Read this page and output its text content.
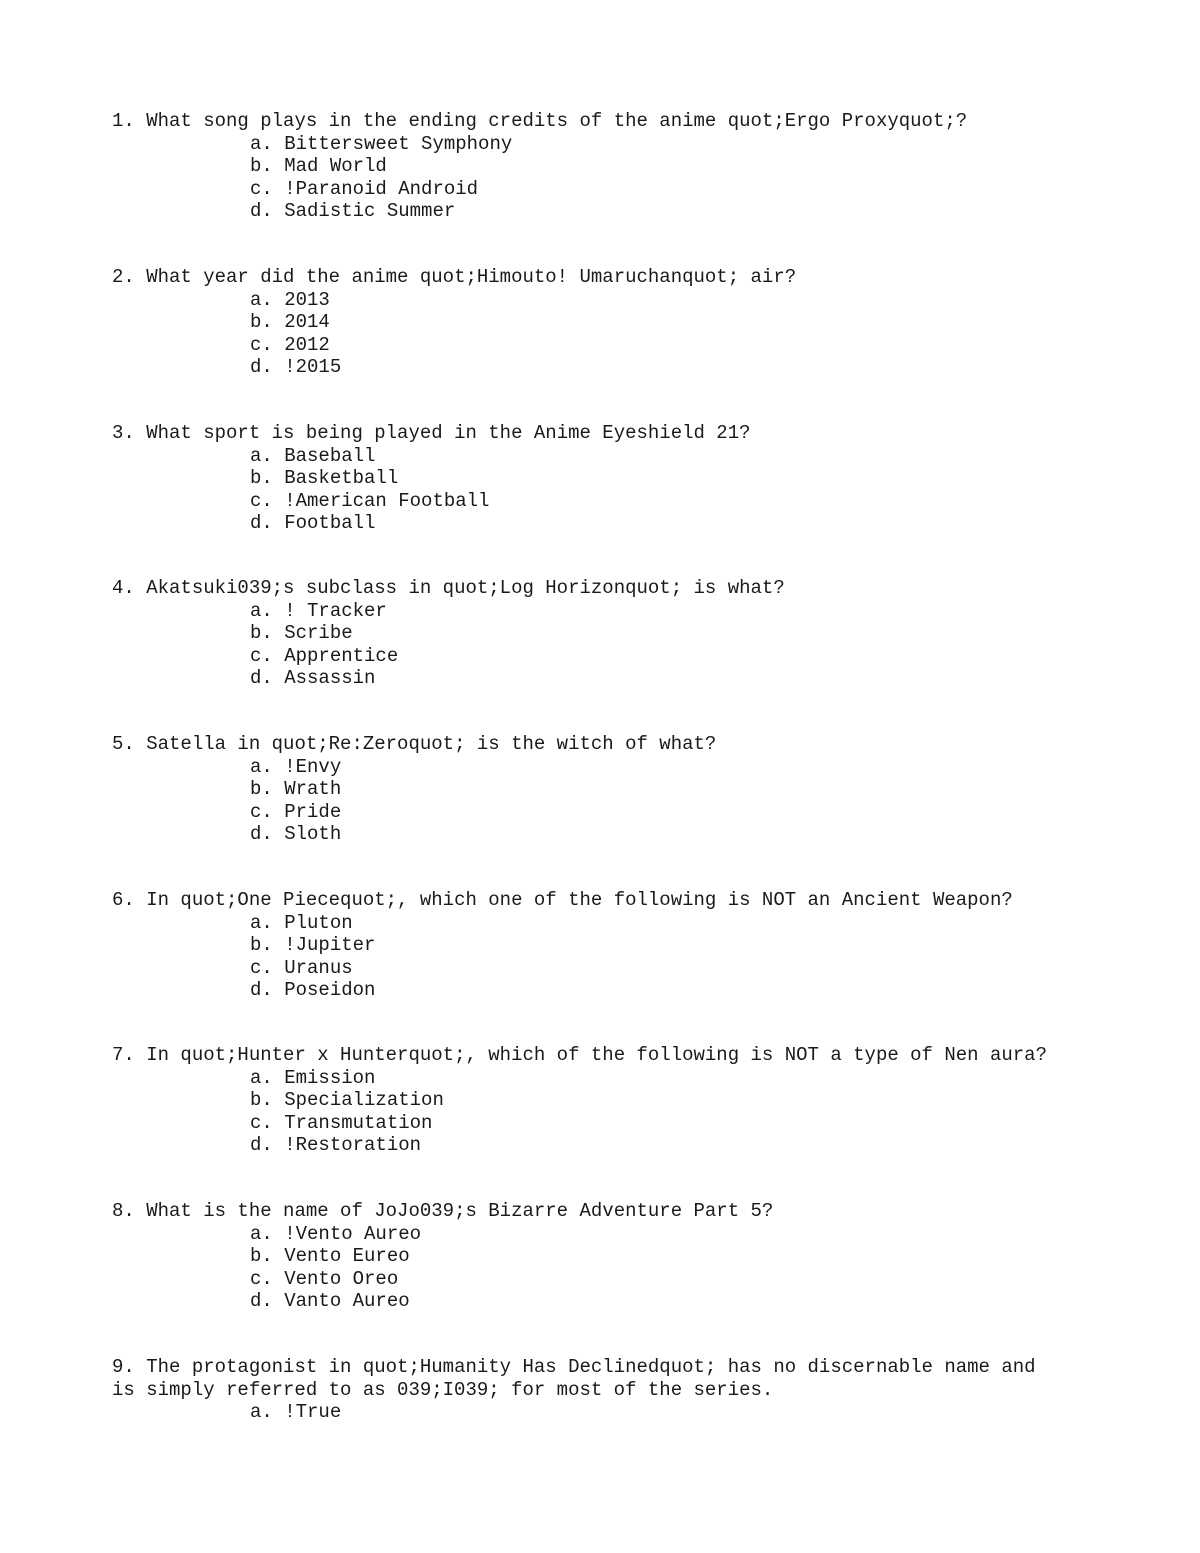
1. What song plays in the ending credits of the anime quot;Ergo Proxyquot;?
a. Bittersweet Symphony
b. Mad World
c. !Paranoid Android
d. Sadistic Summer
2. What year did the anime quot;Himouto! Umaruchanquot; air?
a. 2013
b. 2014
c. 2012
d. !2015
3. What sport is being played in the Anime Eyeshield 21?
a. Baseball
b. Basketball
c. !American Football
d. Football
4. Akatsuki039;s subclass in quot;Log Horizonquot; is what?
a. ! Tracker
b. Scribe
c. Apprentice
d. Assassin
5. Satella in quot;Re:Zeroquot; is the witch of what?
a. !Envy
b. Wrath
c. Pride
d. Sloth
6. In quot;One Piecequot;, which one of the following is NOT an Ancient Weapon?
a. Pluton
b. !Jupiter
c. Uranus
d. Poseidon
7. In quot;Hunter x Hunterquot;, which of the following is NOT a type of Nen aura?
a. Emission
b. Specialization
c. Transmutation
d. !Restoration
8. What is the name of JoJo039;s Bizarre Adventure Part 5?
a. !Vento Aureo
b. Vento Eureo
c. Vento Oreo
d. Vanto Aureo
9. The protagonist in quot;Humanity Has Declinedquot; has no discernable name and
is simply referred to as 039;I039; for most of the series.
a. !True
